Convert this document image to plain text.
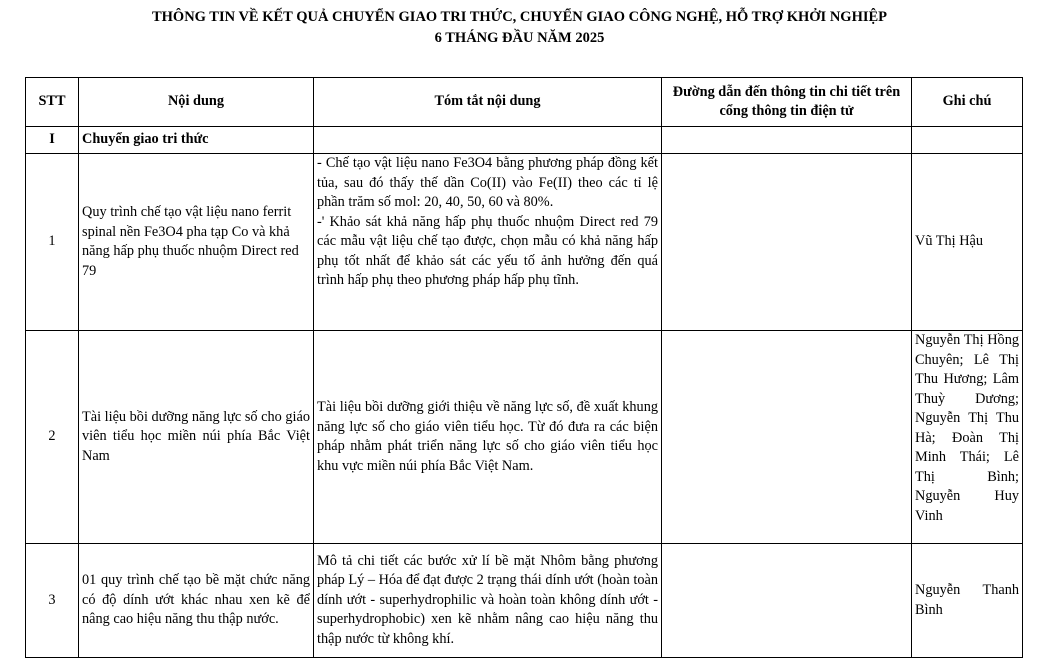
THÔNG TIN VỀ KẾT QUẢ CHUYỂN GIAO TRI THỨC, CHUYỂN GIAO CÔNG NGHỆ, HỖ TRỢ KHỞI NGHIỆP
6 THÁNG ĐẦU NĂM 2025
STT	Nội dung	Tóm tắt nội dung	Đường dẫn đến thông tin chi tiết trên cổng thông tin điện tử	Ghi chú
I	Chuyển giao tri thức			
1	Quy trình chế tạo vật liệu nano ferrit spinal nền Fe3O4 pha tạp Co và khả năng hấp phụ thuốc nhuộm Direct red 79	- Chế tạo vật liệu nano Fe3O4 bằng phương pháp đồng kết tủa, sau đó thấy thế dần Co(II) vào Fe(II) theo các tỉ lệ phần trăm số mol: 20, 40, 50, 60 và 80%.
-' Khảo sát khả năng hấp phụ thuốc nhuộm Direct red 79 các mẫu vật liệu chế tạo được, chọn mẫu có khả năng hấp phụ tốt nhất để khảo sát các yếu tố ảnh hưởng đến quá trình hấp phụ theo phương pháp hấp phụ tĩnh.		Vũ Thị Hậu
2	Tài liệu bồi dưỡng năng lực số cho giáo viên tiểu học miền núi phía Bắc Việt Nam	Tài liệu bồi dưỡng giới thiệu về năng lực số, đề xuất khung năng lực số cho giáo viên tiểu học. Từ đó đưa ra các biện pháp nhằm phát triển năng lực số cho giáo viên tiểu học khu vực miền núi phía Bắc Việt Nam.		Nguyễn Thị Hồng Chuyên; Lê Thị Thu Hương; Lâm Thuỳ Dương; Nguyễn Thị Thu Hà; Đoàn Thị Minh Thái; Lê Thị Bình; Nguyễn Huy Vinh

3	01 quy trình chế tạo bề mặt chức năng có độ dính ướt khác nhau xen kẽ để nâng cao hiệu năng thu thập nước.	Mô tả chi tiết các bước xử lí bề mặt Nhôm bằng phương pháp Lý – Hóa để đạt được 2 trạng thái dính ướt (hoàn toàn dính ướt - superhydrophilic và hoàn toàn không dính ướt - superhydrophobic) xen kẽ nhằm nâng cao hiệu năng thu thập nước từ không khí.		Nguyễn Thanh Bình
